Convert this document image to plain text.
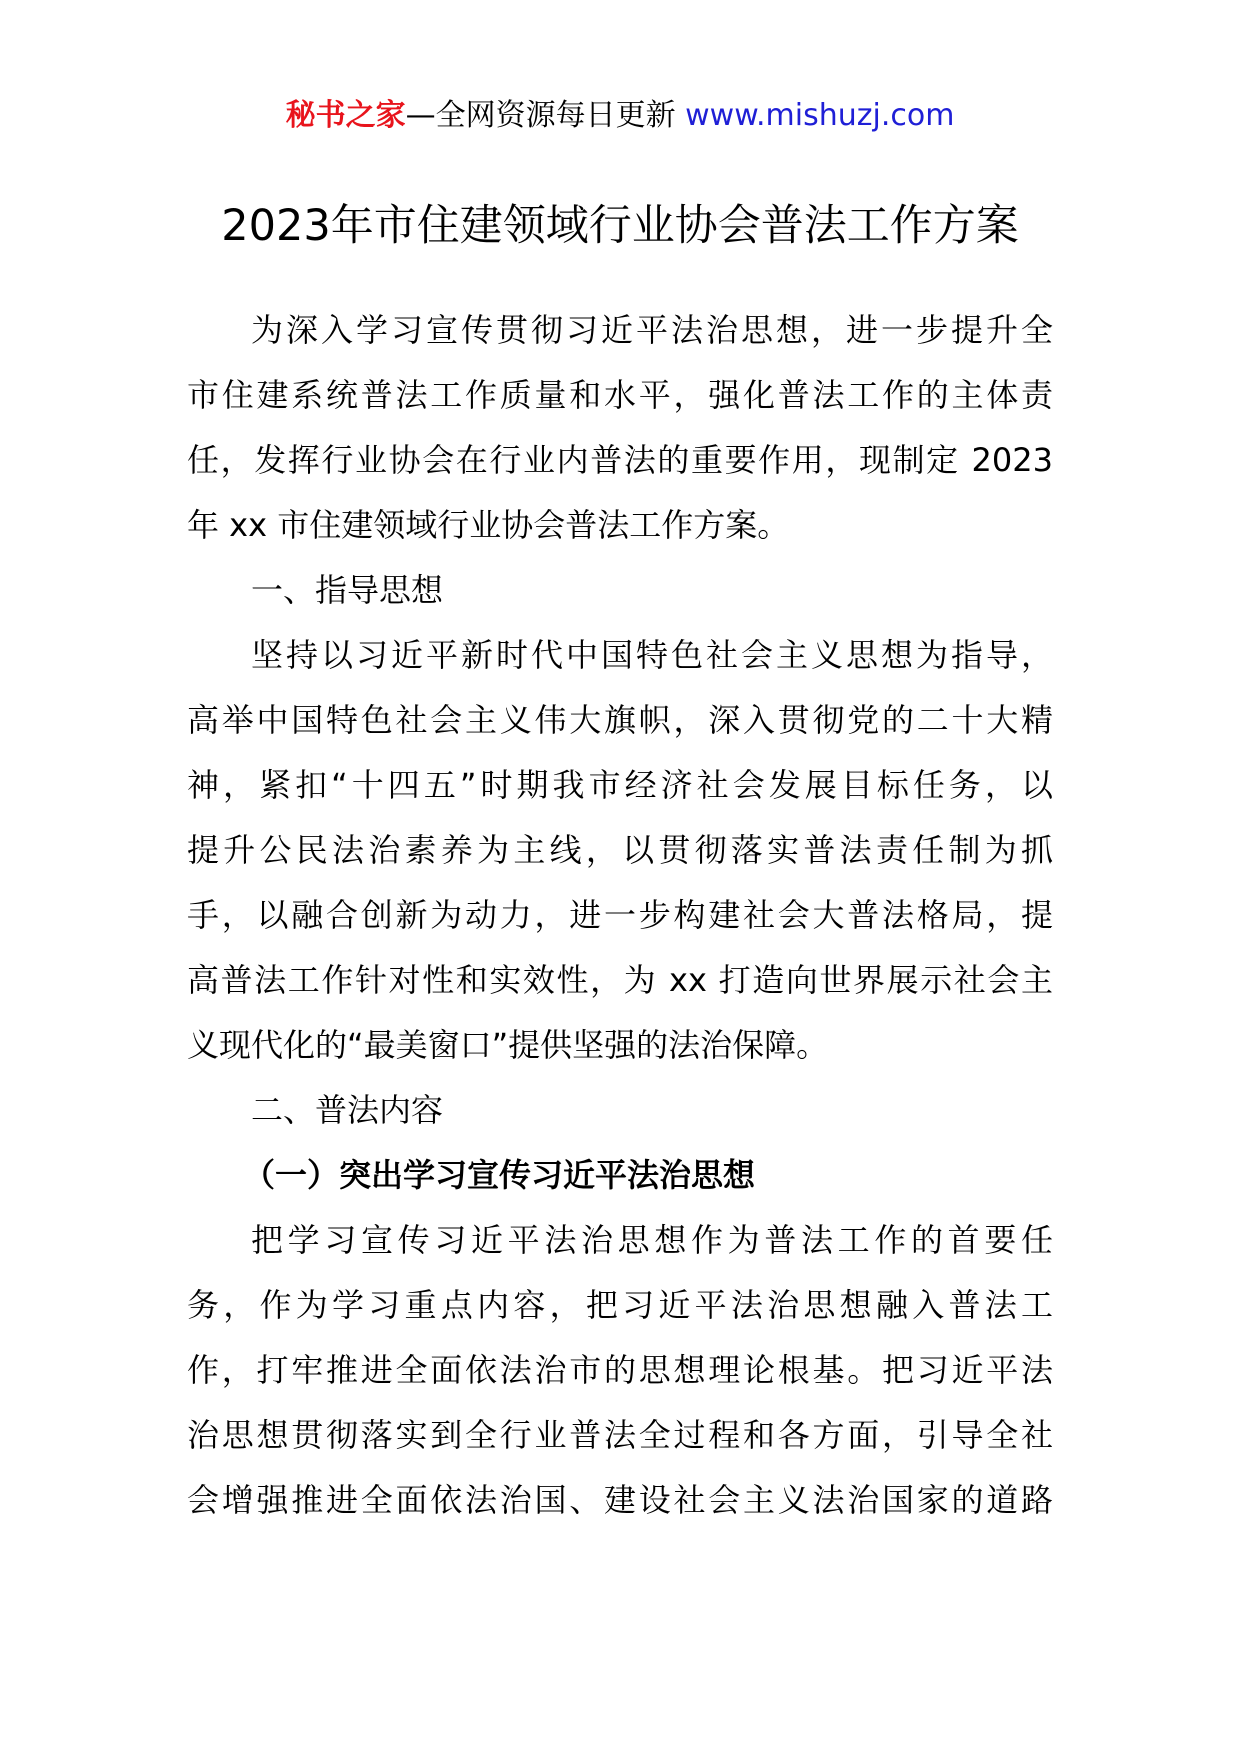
秘书之家—全网资源每日更新 www.mishuzj.com
2023年市住建领域行业协会普法工作方案

为深入学习宣传贯彻习近平法治思想，进一步提升全
市住建系统普法工作质量和水平，强化普法工作的主体责
任，发挥行业协会在行业内普法的重要作用，现制定 2023
年 xx 市住建领域行业协会普法工作方案。

一、指导思想

坚持以习近平新时代中国特色社会主义思想为指导，
高举中国特色社会主义伟大旗帜，深入贯彻党的二十大精
神，紧扣“十四五”时期我市经济社会发展目标任务，以
提升公民法治素养为主线，以贯彻落实普法责任制为抓
手，以融合创新为动力，进一步构建社会大普法格局，提
高普法工作针对性和实效性，为 xx 打造向世界展示社会主
义现代化的“最美窗口”提供坚强的法治保障。

二、普法内容

（一）突出学习宣传习近平法治思想

把学习宣传习近平法治思想作为普法工作的首要任
务，作为学习重点内容，把习近平法治思想融入普法工
作，打牢推进全面依法治市的思想理论根基。把习近平法
治思想贯彻落实到全行业普法全过程和各方面，引导全社
会增强推进全面依法治国、建设社会主义法治国家的道路
